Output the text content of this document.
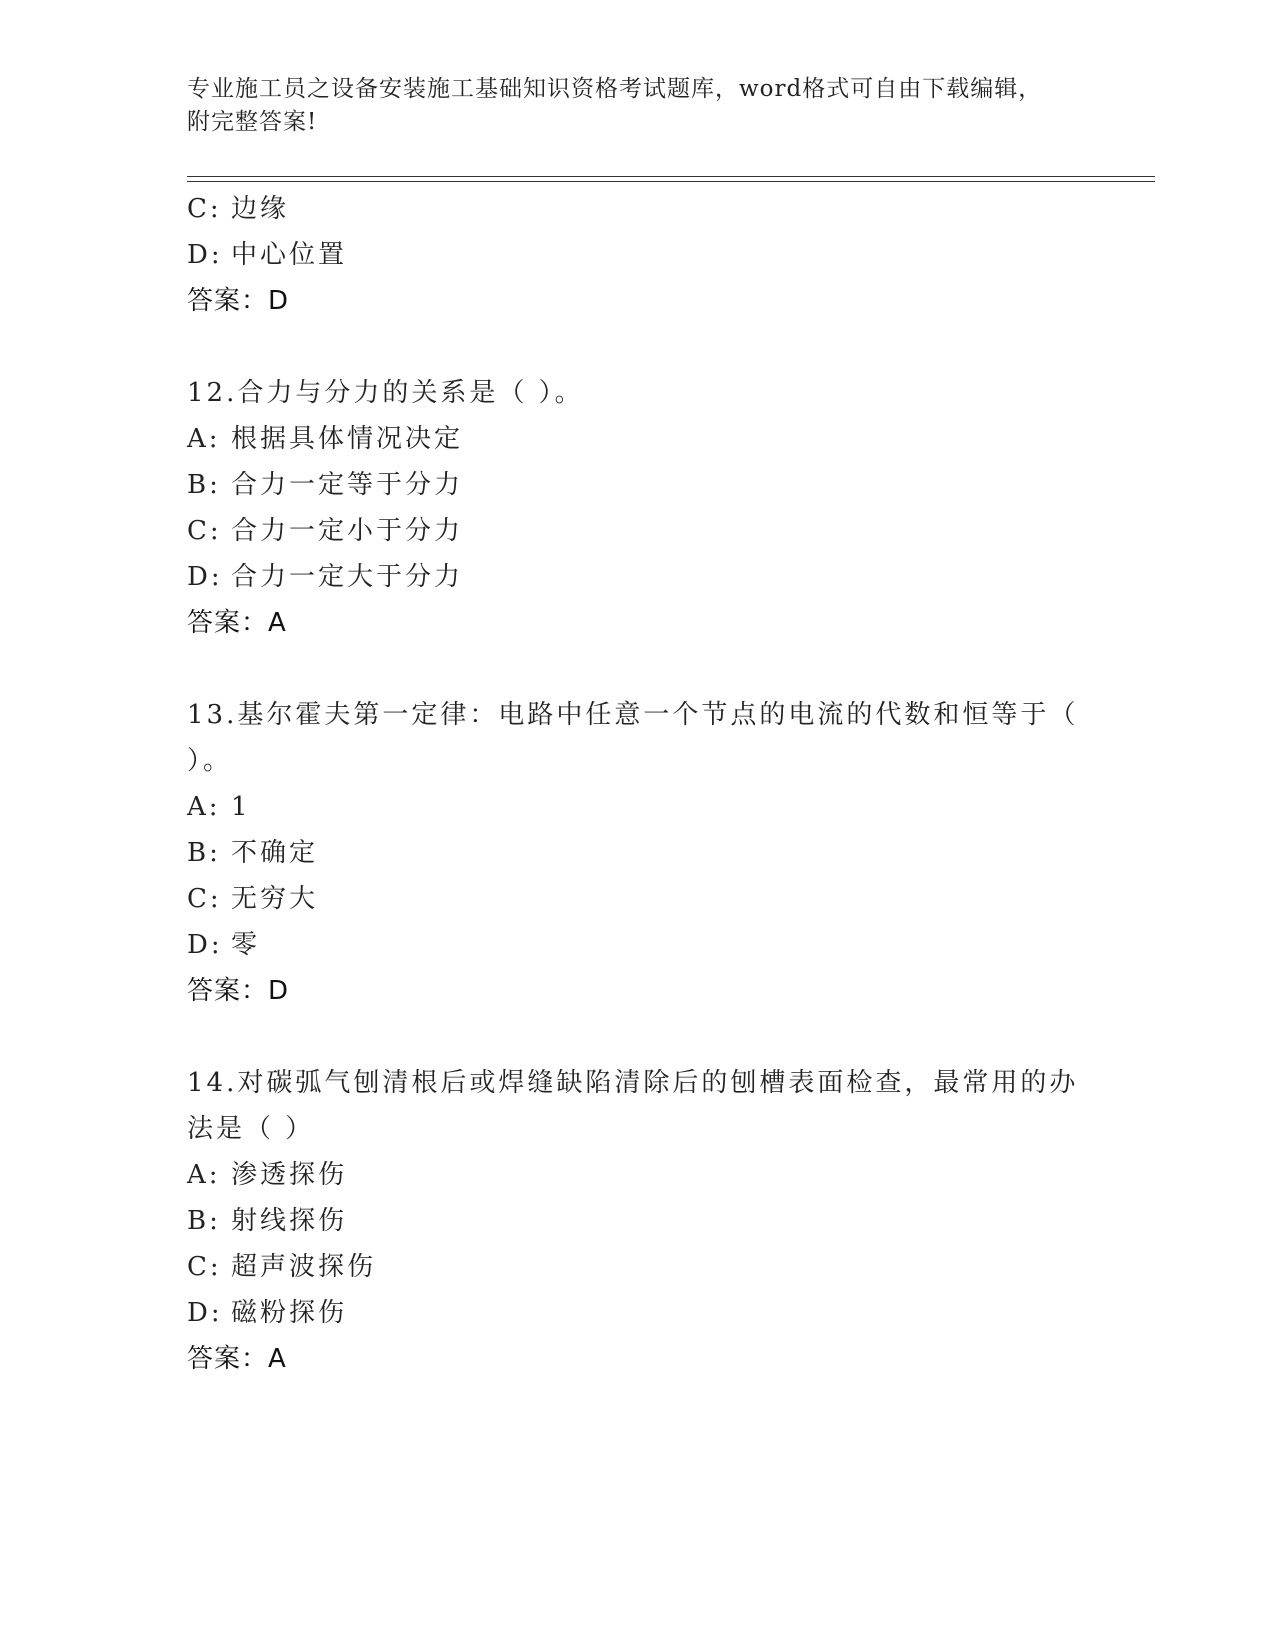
专业施工员之设备安装施工基础知识资格考试题库，word格式可自由下载编辑，
附完整答案!
C: 边缘
D: 中心位置
答案：D
12.合力与分力的关系是（ ）。
A: 根据具体情况决定
B: 合力一定等于分力
C: 合力一定小于分力
D: 合力一定大于分力
答案：A
13.基尔霍夫第一定律：电路中任意一个节点的电流的代数和恒等于（
）。
A: 1
B: 不确定
C: 无穷大
D: 零
答案：D
14.对碳弧气刨清根后或焊缝缺陷清除后的刨槽表面检查，最常用的办
法是（ ）
A: 渗透探伤
B: 射线探伤
C: 超声波探伤
D: 磁粉探伤
答案：A
